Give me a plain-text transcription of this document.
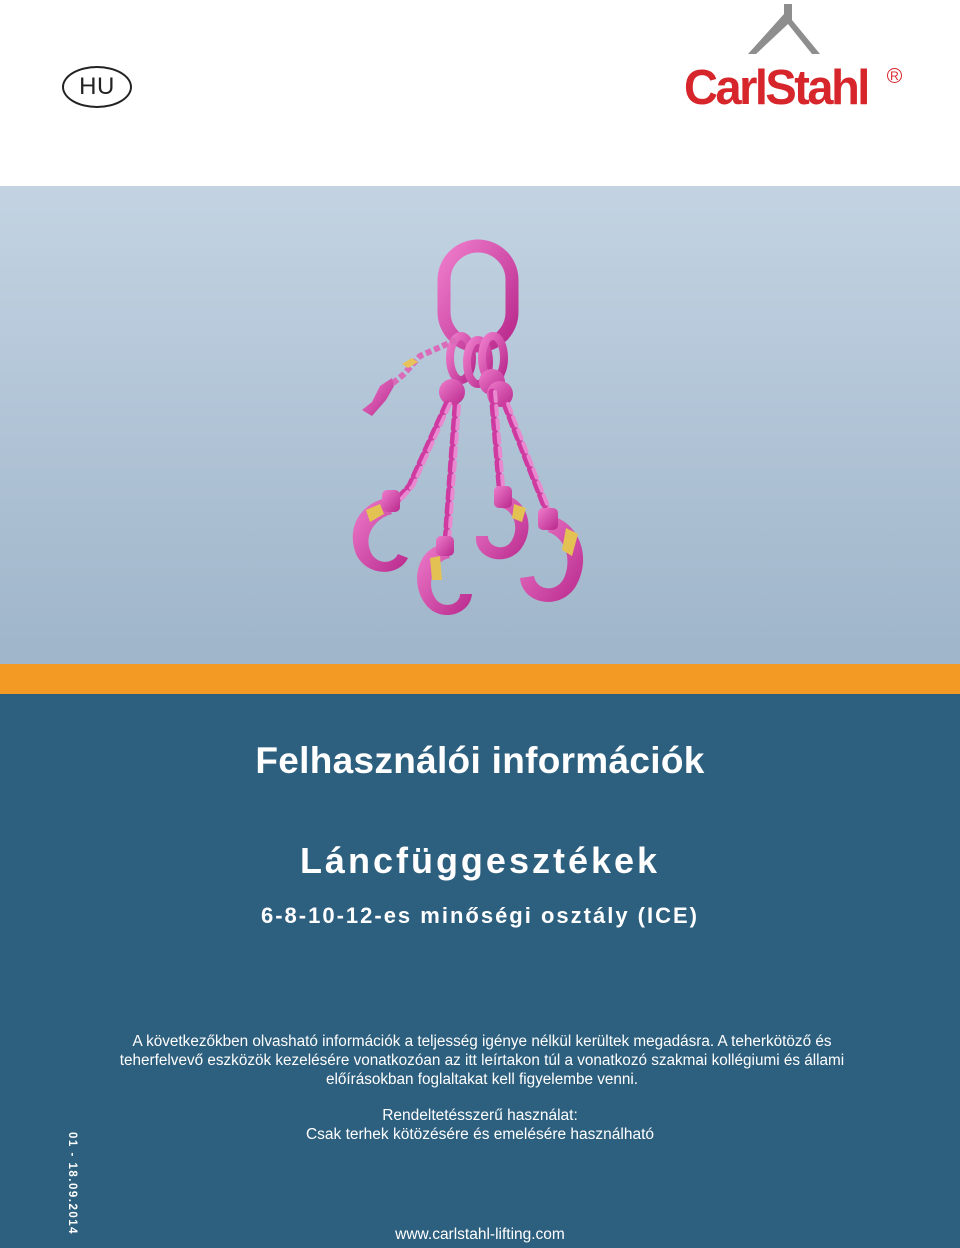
HU	CarlStahl R
Felhasználói információk
Láncfüggesztékek
6-8-10-12-es minőségi osztály (ICE)
A következőkben olvasható információk a teljesség igénye nélkül kerültek megadásra. A teherkötöző és teherfelvevő eszközök kezelésére vonatkozóan az itt leírtakon túl a vonatkozó szakmai kollégiumi és állami előírásokban foglaltakat kell figyelembe venni.
Rendeltetésszerű használat:
Csak terhek kötözésére és emelésére használható
www.carlstahl-lifting.com
01 - 18.09.2014
